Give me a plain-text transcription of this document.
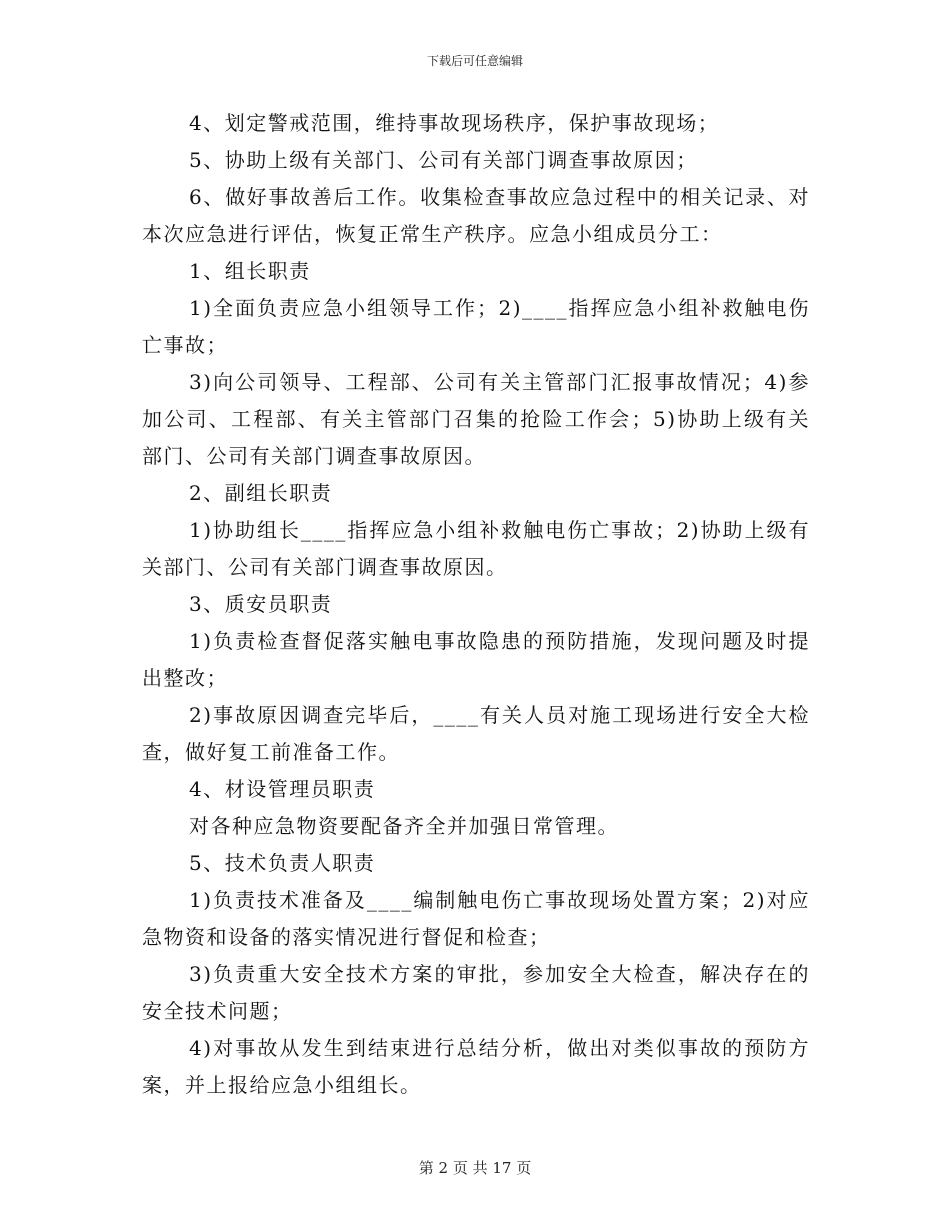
下载后可任意编辑

4、划定警戒范围，维持事故现场秩序，保护事故现场；

5、协助上级有关部门、公司有关部门调查事故原因；

6、做好事故善后工作。收集检查事故应急过程中的相关记录、对本次应急进行评估，恢复正常生产秩序。应急小组成员分工：

1、组长职责

1)全面负责应急小组领导工作；2)____指挥应急小组补救触电伤亡事故；

3)向公司领导、工程部、公司有关主管部门汇报事故情况；4)参加公司、工程部、有关主管部门召集的抢险工作会；5)协助上级有关部门、公司有关部门调查事故原因。

2、副组长职责

1)协助组长____指挥应急小组补救触电伤亡事故；2)协助上级有关部门、公司有关部门调查事故原因。

3、质安员职责

1)负责检查督促落实触电事故隐患的预防措施，发现问题及时提出整改；

2)事故原因调查完毕后，____有关人员对施工现场进行安全大检查，做好复工前准备工作。

4、材设管理员职责

对各种应急物资要配备齐全并加强日常管理。

5、技术负责人职责

1)负责技术准备及____编制触电伤亡事故现场处置方案；2)对应急物资和设备的落实情况进行督促和检查；

3)负责重大安全技术方案的审批，参加安全大检查，解决存在的安全技术问题；

4)对事故从发生到结束进行总结分析，做出对类似事故的预防方案，并上报给应急小组组长。

第 2 页 共 17 页
